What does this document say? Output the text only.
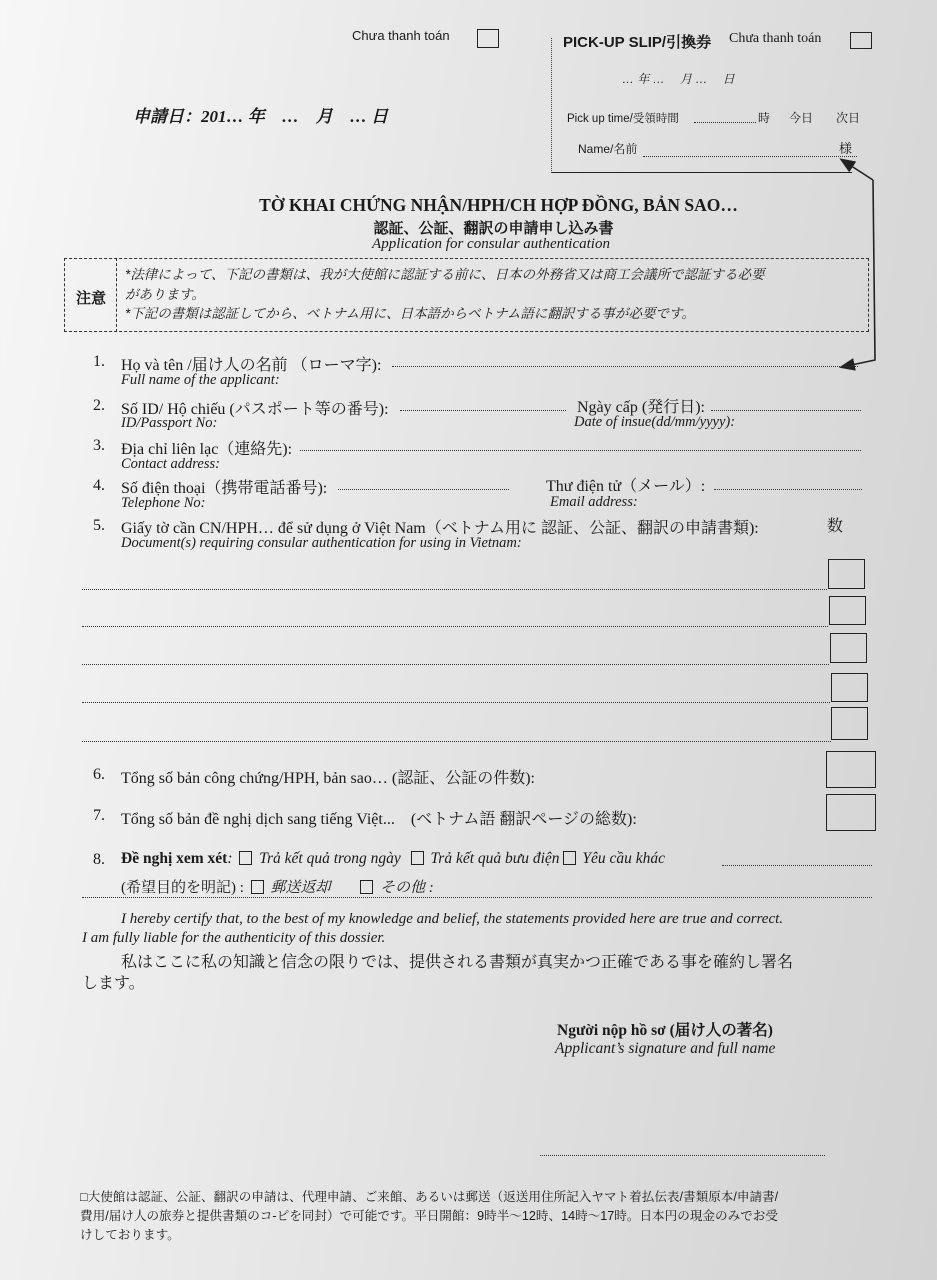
Chưa thanh toán
申請日：201… 年　…　月　… 日
PICK-UP SLIP/引換券 Chưa thanh toán
… 年 …　 月 …　 日
Pick up time/受領時間	時 今日 次日
Name/名前	様
TỜ KHAI CHỨNG NHẬN/HPH/CH HỢP ĐỒNG, BẢN SAO…
認証、公証、翻訳の申請申し込み書
Application for consular authentication
注意
*法律によって、下記の書類は、我が大使館に認証する前に、日本の外務省又は商工会議所で認証する必要
があります。
*下記の書類は認証してから、ベトナム用に、日本語からベトナム語に翻訳する事が必要です。
1. Họ và tên /届け人の名前 （ローマ字):
Full name of the applicant:
2. Số ID/ Hộ chiếu (パスポート等の番号):	Ngày cấp (発行日):
ID/Passport No:	Date of insue(dd/mm/yyyy):
3. Địa chỉ liên lạc（連絡先):
Contact address:
4. Số điện thoại（携帯電話番号):	Thư điện tử（メール）:
Telephone No:	Email address:
5. Giấy tờ cần CN/HPH… để sử dụng ở Việt Nam（ベトナム用に 認証、公証、翻訳の申請書類):	数
Document(s) requiring consular authentication for using in Vietnam:
6. Tổng số bản công chứng/HPH, bản sao… (認証、公証の件数):
7. Tổng số bản đề nghị dịch sang tiếng Việt...　(ベトナム語 翻訳ページの総数):
8. Đề nghị xem xét: Trả kết quả trong ngày Trả kết quả bưu điện Yêu cầu khác
(希望目的を明記) : 郵送返却	その他 :
I hereby certify that, to the best of my knowledge and belief, the statements provided here are true and correct.
I am fully liable for the authenticity of this dossier.
私はここに私の知識と信念の限りでは、提供される書類が真実かつ正確である事を確約し署名
します。
Người nộp hồ sơ (届け人の著名)
Applicant’s signature and full name
□大使館は認証、公証、翻訳の申請は、代理申請、ご来館、あるいは郵送（返送用住所記入ヤマト着払伝表/書類原本/申請書/
費用/届け人の旅券と提供書類のコ-ピを同封）で可能です。平日開館：9時半～12時、14時～17時。日本円の現金のみでお受
けしております。
